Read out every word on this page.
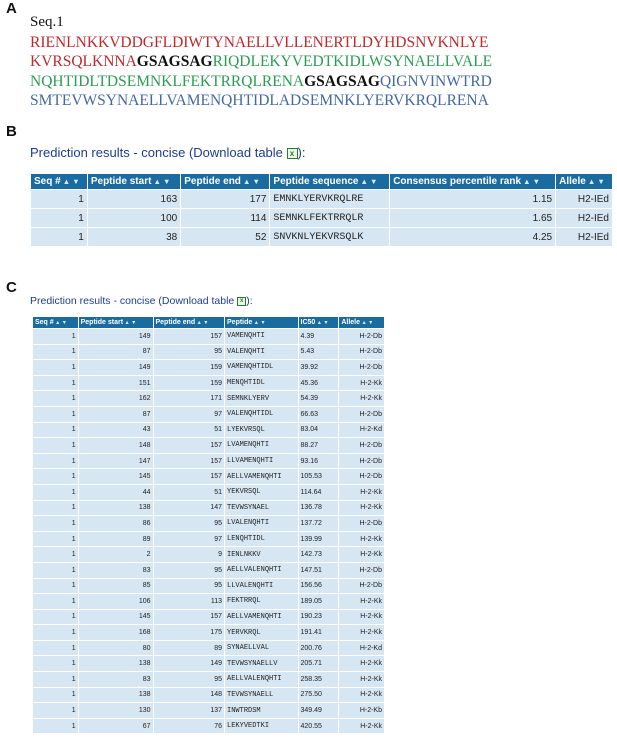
A
B
C
Seq.1
RIENLNKKVDDGFLDIWTYNAELLVLLENERTLDYHDSNVKNLYE
KVRSQLKNNAGSAGSAGRIQDLEKYVEDTKIDLWSYNAELLVALE
NQHTIDLTDSEMNKLFEKTRRQLRENAGSAGSAGQIGNVINWTRD
SMTEVWSYNAELLVAMENQHTIDLADSEMNKLYERVKRQLRENA
Prediction results - concise (Download table x ):
Seq # ▲ ▼	Peptide start ▲ ▼	Peptide end ▲ ▼	Peptide sequence ▲ ▼	Consensus percentile rank ▲ ▼	Allele ▲ ▼
1	163	177	EMNKLYERVKRQLRE	1.15	H2-IEd
1	100	114	SEMNKLFEKTRRQLR	1.65	H2-IEd
1	38	52	SNVKNLYEKVRSQLK	4.25	H2-IEd
Prediction results - concise (Download table x ):
Seq # ▲ ▼	Peptide start ▲ ▼	Peptide end ▲ ▼	Peptide ▲ ▼	IC50 ▲ ▼	Allele ▲ ▼
1	149	157	VAMENQHTI	4.39	H-2-Db
1	87	95	VALENQHTI	5.43	H-2-Db
1	149	159	VAMENQHTIDL	39.92	H-2-Db
1	151	159	MENQHTIDL	45.36	H-2-Kk
1	162	171	SEMNKLYERV	54.39	H-2-Kk
1	87	97	VALENQHTIDL	66.63	H-2-Db
1	43	51	LYEKVRSQL	83.04	H-2-Kd
1	148	157	LVAMENQHTI	88.27	H-2-Db
1	147	157	LLVAMENQHTI	93.16	H-2-Db
1	145	157	AELLVAMENQHTI	105.53	H-2-Db
1	44	51	YEKVRSQL	114.64	H-2-Kk
1	138	147	TEVWSYNAEL	136.78	H-2-Kk
1	86	95	LVALENQHTI	137.72	H-2-Db
1	89	97	LENQHTIDL	139.99	H-2-Kk
1	2	9	IENLNKKV	142.73	H-2-Kk
1	83	95	AELLVALENQHTI	147.51	H-2-Db
1	85	95	LLVALENQHTI	156.56	H-2-Db
1	106	113	FEKTRRQL	189.05	H-2-Kk
1	145	157	AELLVAMENQHTI	190.23	H-2-Kk
1	168	175	YERVKRQL	191.41	H-2-Kk
1	80	89	SYNAELLVAL	200.76	H-2-Kd
1	138	149	TEVWSYNAELLV	205.71	H-2-Kk
1	83	95	AELLVALENQHTI	258.35	H-2-Kk
1	138	148	TEVWSYNAELL	275.50	H-2-Kk
1	130	137	INWTRDSM	349.49	H-2-Kb
1	67	76	LEKYVEDTKI	420.55	H-2-Kk
